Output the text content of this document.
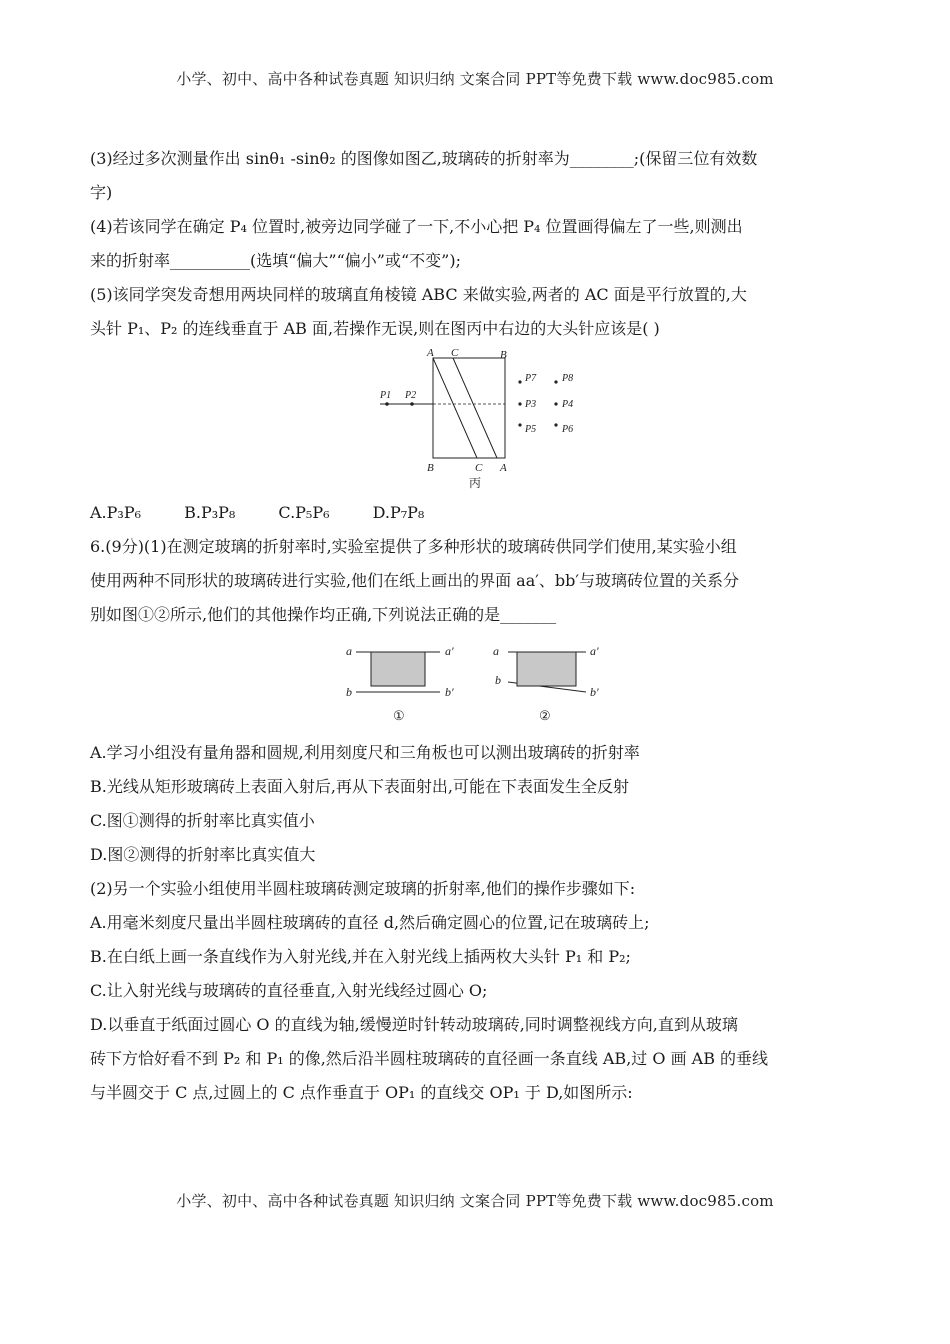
小学、初中、高中各种试卷真题 知识归纳 文案合同 PPT等免费下载 www.doc985.com

(3)经过多次测量作出 sinθ₁ -sinθ₂ 的图像如图乙,玻璃砖的折射率为________;(保留三位有效数

字)

(4)若该同学在确定 P₄ 位置时,被旁边同学碰了一下,不小心把 P₄ 位置画得偏左了一些,则测出

来的折射率__________(选填“偏大”“偏小”或“不变”);

(5)该同学突发奇想用两块同样的玻璃直角棱镜 ABC 来做实验,两者的 AC 面是平行放置的,大

头针 P₁、P₂ 的连线垂直于 AB 面,若操作无误,则在图丙中右边的大头针应该是( )

A C	B
B	C A
P1 P2
P7
P3
P5
P8
P4
P6
丙

A.P₃P₆	B.P₃P₈	C.P₅P₆	D.P₇P₈

6.(9分)(1)在测定玻璃的折射率时,实验室提供了多种形状的玻璃砖供同学们使用,某实验小组

使用两种不同形状的玻璃砖进行实验,他们在纸上画出的界面 aa′、bb′与玻璃砖位置的关系分

别如图①②所示,他们的其他操作均正确,下列说法正确的是_______

a	a′
b	b′
a	a′
b
b′
①	②

A.学习小组没有量角器和圆规,利用刻度尺和三角板也可以测出玻璃砖的折射率

B.光线从矩形玻璃砖上表面入射后,再从下表面射出,可能在下表面发生全反射

C.图①测得的折射率比真实值小

D.图②测得的折射率比真实值大

(2)另一个实验小组使用半圆柱玻璃砖测定玻璃的折射率,他们的操作步骤如下:

A.用毫米刻度尺量出半圆柱玻璃砖的直径 d,然后确定圆心的位置,记在玻璃砖上;

B.在白纸上画一条直线作为入射光线,并在入射光线上插两枚大头针 P₁ 和 P₂;

C.让入射光线与玻璃砖的直径垂直,入射光线经过圆心 O;

D.以垂直于纸面过圆心 O 的直线为轴,缓慢逆时针转动玻璃砖,同时调整视线方向,直到从玻璃

砖下方恰好看不到 P₂ 和 P₁ 的像,然后沿半圆柱玻璃砖的直径画一条直线 AB,过 O 画 AB 的垂线

与半圆交于 C 点,过圆上的 C 点作垂直于 OP₁ 的直线交 OP₁ 于 D,如图所示:

小学、初中、高中各种试卷真题 知识归纳 文案合同 PPT等免费下载 www.doc985.com
